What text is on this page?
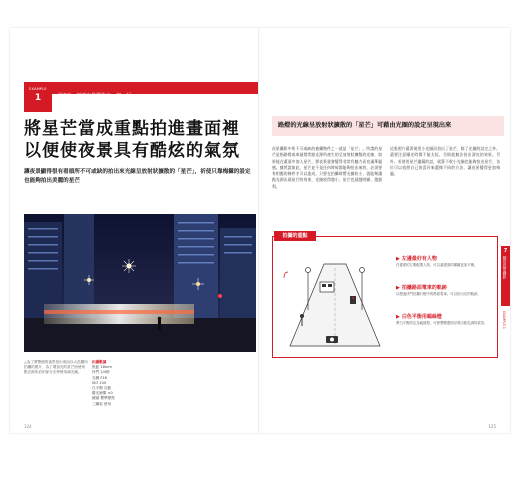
EXAMPLE
1	第7章　創意夜景攝影之一把一起
將星芒當成重點拍進畫面裡
以便使夜景具有酷炫的氣氛

讓夜景顯得很有看頭所不可或缺的拍出來光線呈放射狀擴散的「星芒」，祈使只靠梅攝的設定也能夠拍出美麗的星芒

△為了將整個的夜景拍出來而以大范圍所拍攝的照片，為了增加光的星芒而使用點光源所佔的部分光學使用減光鏡。

拍攝數據
焦距 18mm
快門 1/4秒
光圈 F16
ISO 100
白平衡 自動
曝光補償 ±0
鏡頭 標準變焦
三腳架 使用
124
路燈的光線呈放射狀擴散的「星芒」可藉由光圈的設定呈現出來

夜景攝影中所不可或缺的被攝物件之一就是「星芒」。所謂的星芒是指路燈或車頭燈等點光源所產生的呈放射狀擴散的光線，如果能在畫面中加入星芒，那夜景就會變得非常有魅力而充滿華麗感。雖然說如此，星芒並不是任何時候都能夠拍出來的，必須要有相應的條件才可以達成。只要在拍攝時將光圈收小，就能夠讓點光源出現星芒的效果，光圈收得越小，星芒也就越明顯、越銳利。

這張照片藉著使用小光圈而拍出了星芒，除了光圈的設定之外，還要注意曝光時間不能太短，否則就無法拍出漂亮的效果。另外，若使用星芒濾鏡的話，就算不收小光圈也能夠拍出星芒，各位可以依照自己的喜好來選擇不同的方法，讓夜景變得更加絢麗。

拍攝的重點
▶ 左邊最好有人物
在畫面的左側配置人物，可以讓畫面的構圖更加平衡。
▶ 拍攝路面電車的軌跡
以慢速快門拍攝行駛中的路面電車，可以拍出光的軌跡。
▶ 白色平衡用鎢絲燈
將白平衡設定為鎢絲燈，可使整體畫面呈現出藍色調的氣氛。
7
創意夜景攝影
EXAMPLE 1
125
